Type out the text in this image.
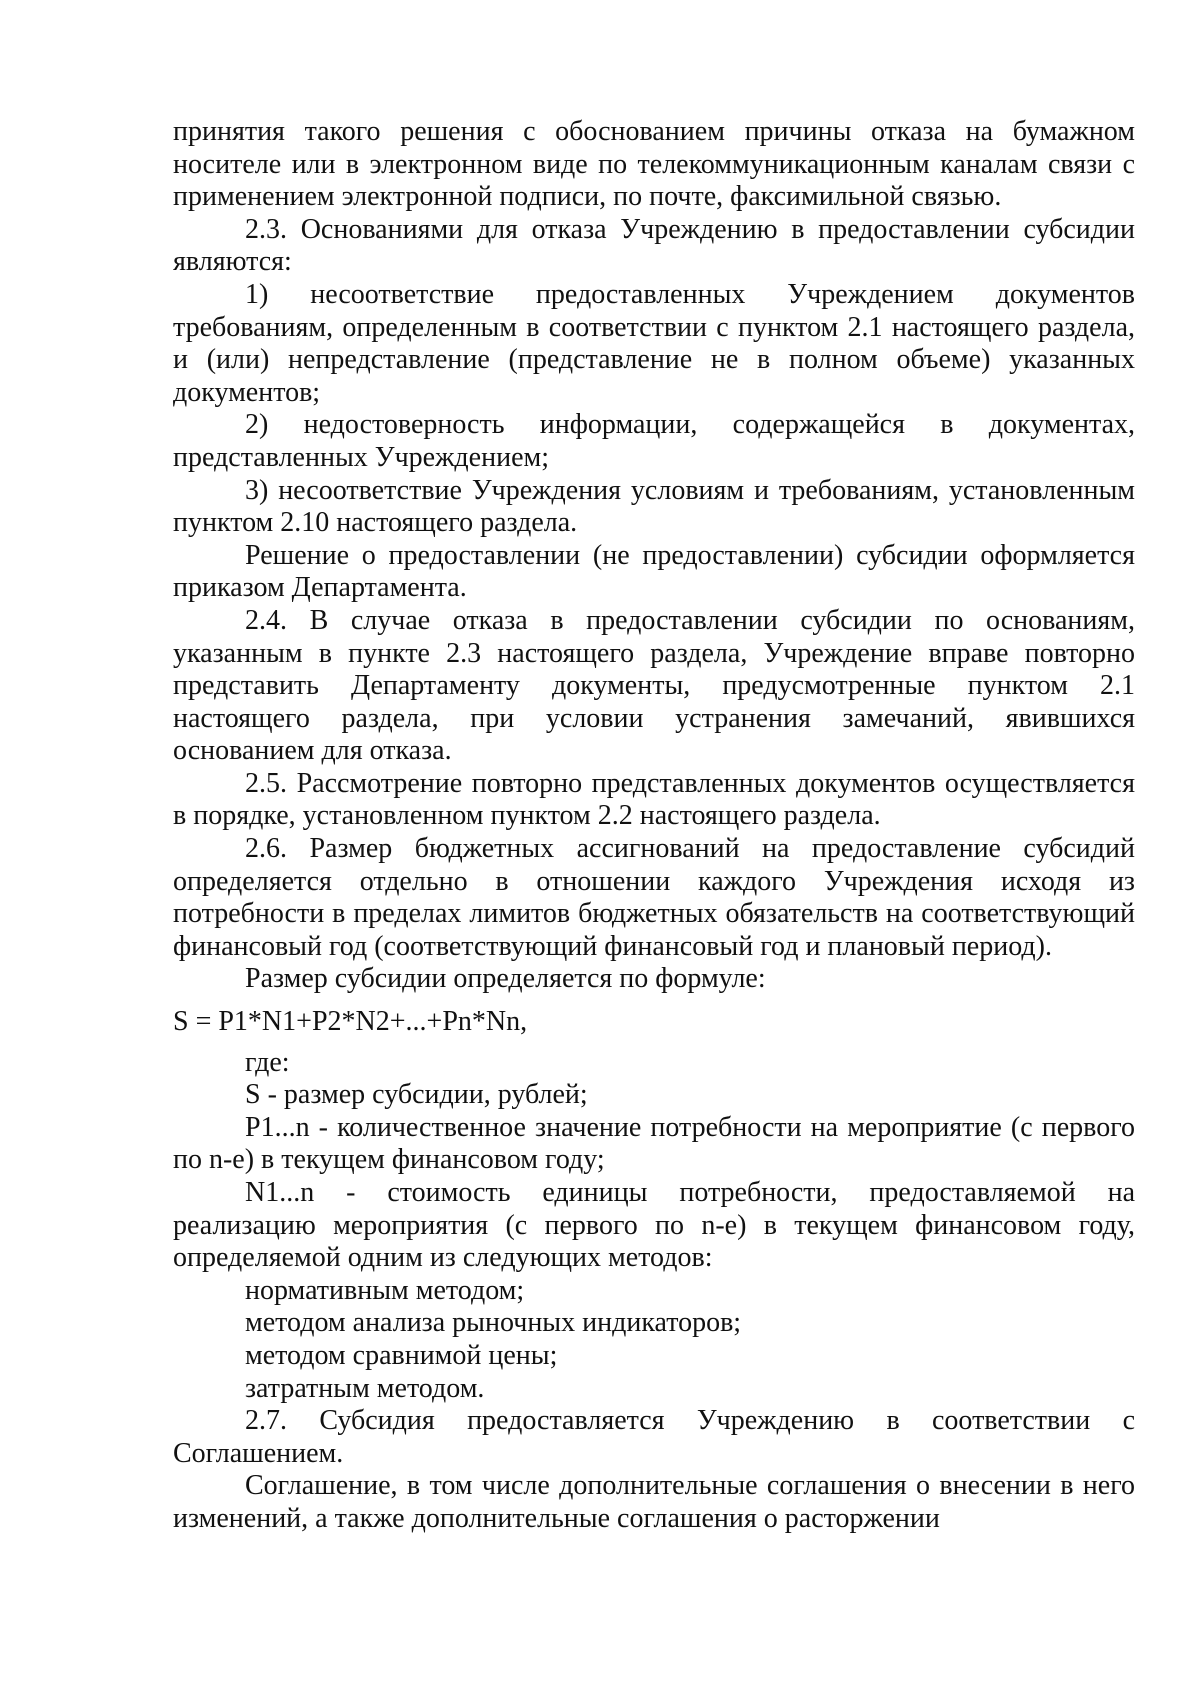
принятия такого решения с обоснованием причины отказа на бумажном носителе или в электронном виде по телекоммуникационным каналам связи с применением электронной подписи, по почте, факсимильной связью.

2.3. Основаниями для отказа Учреждению в предоставлении субсидии являются:

1) несоответствие предоставленных Учреждением документов требованиям, определенным в соответствии с пунктом 2.1 настоящего раздела, и (или) непредставление (представление не в полном объеме) указанных документов;

2) недостоверность информации, содержащейся в документах, представленных Учреждением;

3) несоответствие Учреждения условиям и требованиям, установленным пунктом 2.10 настоящего раздела.

Решение о предоставлении (не предоставлении) субсидии оформляется приказом Департамента.

2.4. В случае отказа в предоставлении субсидии по основаниям, указанным в пункте 2.3 настоящего раздела, Учреждение вправе повторно представить Департаменту документы, предусмотренные пунктом 2.1 настоящего раздела, при условии устранения замечаний, явившихся основанием для отказа.

2.5. Рассмотрение повторно представленных документов осуществляется в порядке, установленном пунктом 2.2 настоящего раздела.

2.6. Размер бюджетных ассигнований на предоставление субсидий определяется отдельно в отношении каждого Учреждения исходя из потребности в пределах лимитов бюджетных обязательств на соответствующий финансовый год (соответствующий финансовый год и плановый период).

Размер субсидии определяется по формуле:

S = P1*N1+P2*N2+...+Pn*Nn,

где:

S - размер субсидии, рублей;

P1...n - количественное значение потребности на мероприятие (с первого по n-е) в текущем финансовом году;

N1...n - стоимость единицы потребности, предоставляемой на реализацию мероприятия (с первого по n-е) в текущем финансовом году, определяемой одним из следующих методов:

нормативным методом;

методом анализа рыночных индикаторов;

методом сравнимой цены;

затратным методом.

2.7. Субсидия предоставляется Учреждению в соответствии с Соглашением.

Соглашение, в том числе дополнительные соглашения о внесении в него изменений, а также дополнительные соглашения о расторжении
